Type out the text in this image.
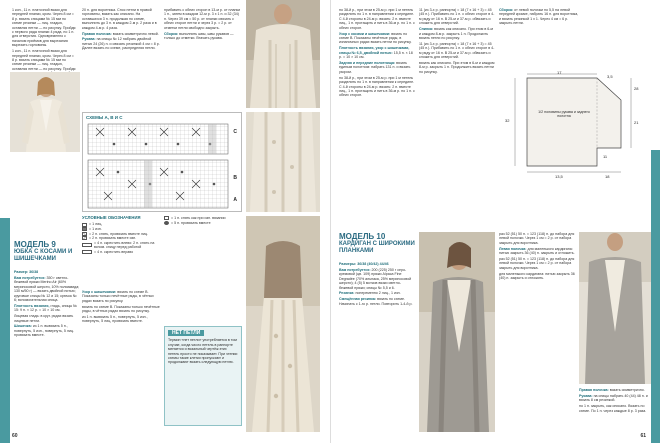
1 кон., 11 п. платочной вязки для передней планки, кром. Через 8 см = 8 р. вязать спицами № 15 мм по схеме резинки — лиц. гладью, оставляя петли — по рисунку. Пройдя с первого ряда планки 4 ряда, по 1 п. для отверстия. Одновременно с началом приёмов для вырезания вырезать горловины.

1 кон., 11 п. платочной вязки для передней планки, кром. Через 8 см = 8 р. вязать спицами № 15 мм по схеме резинки — лиц. гладью, оставляя петли — по рисунку. Пройдя

20 п. для воротника. Снос петли в правой горловины, вязать как описано. На оставшихся 3 п. продолжая по схеме, выполнить до 3 п. в каждом 2-м р. 2 раза и в каждом 4-м р. 4 раза.

Правая полочка: вязать симметрично левой.

Рукава: на спицы № 12 набрать двойной нитью 24 (26) п. и связать резинкой 4 см = 8 р. Далее вязать по схеме, распределяя петли.

прибавить с обеих сторон в 13-м р. от планки 1 п., затем в каждом 12-м р. 3 х 1 п. и 32 (34) п. Через 39 см = 50 р. от планки связать с обеих сторон петли и через 3 р. = 2 р. от отметки петли свободно закрыть.

Сборка: выполнить швы, швы рукавов — только до отметки. Втачать рукава.

СХЕМЫ А, В И С
C
B
A
УСЛОВНЫЕ ОБОЗНАЧЕНИЯ
= 1 лиц.
= 1 изн.
= 2 п. снять, провязать вместе лиц.
= 2 п. провязать вместе изн.
= 4 п. скрестить влево: 2 п. снять на вспом. спицу перед работой
= 4 п. скрестить вправо
= 1 п. снять как при изн. вязании
= 5 п. провязать вместе
МОДЕЛЬ 9
ЮБКА С КОСАМИ И ШИШЕЧКАМИ

Размер: 36/38

Вам потребуется: 350 г светло-бежевой пряжи Merino Air (60% мериносовой шерсти, 10% полиамида; 130 м/50 г) — вязать двойной нитью; круговые спицы № 12 и 15; крючок № 6; вспомогательная спица.

Плотность вязания, гладь, спицы № 15: 9 п. × 12 р. = 10 × 10 см.

Лицевая гладь: в круг. рядах вязать лицевые петли.

Шишечка: из 1 п. вывязать 5 п., повернуть, 5 изн., повернуть, 5 лиц. провязать вместе.

Узор с шишечками: вязать по схеме B. Показаны только нечётные ряды, в чётных рядах вязать по рисунку.

вязать по схеме B. Показаны только нечётные ряды, в чётных рядах вязать по рисунку.

из 1 п. вывязать 5 п., повернуть, 5 изн., повернуть, 5 лиц. провязать вместе.

НЕТ ПЕТЛИ
Термин «нет петли» употребляется в том случае, когда число петель в раппорте меняется и вязальный чертёж этих петель просто не показывает. При чтении схемы такие клетки пропускают и продолжают вязать следующую петлю.
60

по 38-й р., при этом в 25-м р. при 1 м петель разделить по 1 п. в направлении к середине. С 4-й стороны в 24-м р. вязать: 2 п. вместе лиц., 1 п. протащить и нить в 36-м р. по 1 п. с обеих сторон.

Узор с косами и шишечками: вязать по схеме В. Показаны нечётные ряды, в изнаночных рядах вязать петли по рисунку.

Плотность вязания, узор с шишечками, спицы № 6,5, двойной нитью: 15,5 п. × 18 р. = 10 × 10 см.

Задняя и передние полотнища: вязать единым полотном: набрать 131 п. и вязать узором.

по 38-й р., при этом в 25-м р. при 1 м петель разделить по 1 п. в направлении к середине. С 4-й стороны в 24-м р. вязать: 2 п. вместе лиц., 1 п. протащить и нить в 36-м р. по 1 п. с обеих сторон.

11 (из 3-х р. раппорта) = 18 (7 х 16 + 3) = 45 (45 п.). Прибавить по 1 п. с обеих сторон в 4-м ряду от 16 п. В 25-м и 37-м р. обвязать и сложить для отверстий.

Спинка: вязать как описано. При этом в 6-м и каждом 8-м р. закрыть 1 п. Продолжить вязать петли по рисунку.

11 (из 3-х р. раппорта) = 18 (7 х 16 + 3) = 45 (45 п.). Прибавить по 1 п. с обеих сторон в 4-м ряду от 16 п. В 25-м и 37-м р. обвязать и сложить для отверстий.

вязать как описано. При этом в 6-м и каждом 8-м р. закрыть 1 п. Продолжить вязать петли по рисунку.

Сборка: от левой полочки по 5,5 на левой передней кромке, набрать 16 п. для воротника, и вязать резинкой 1 х 1. Через 4 см = 6 р. закрыть петли.

17
32
28
21
13,5	18
11
3,5
1/2 половины рукава и заднего полотна
МОДЕЛЬ 10
КАРДИГАН С ШИРОКИМИ ПЛАНКАМИ

Размеры: 36/38 (40/42) 44/46

Вам потребуется: 200 (225) 250 г серо-кремовой (цв. 109) пряжи Alpaca Fine Degradée (70% альпака, 25% мериносовой шерсти); 4 (5) 5 мотков вязки светло-бежевой пряжи; спицы № 5,5 и 6.

Резинка: попеременно 2 лиц., 1 изн.

Смещённая резинка: вязать по схеме. Начинать с 1-го р. петли. Повторить 1-4-й р.

раз 52 (51) 50 п. = 123 (118) п. до набора для левой полочки. Через 1 см = 2 р. от набора закрыть для воротника.

Левая полочка: для маленького кардигана: нитью закрыть 36 (40) п. закрыть и отложить.

раз 52 (51) 50 п. = 123 (118) п. до набора для левой полочки. Через 1 см = 2 р. от набора закрыть для воротника.

для маленького кардигана: нитью закрыть 36 (40) п. закрыть и отложить.

Правая полочка: вязать симметрично.

Рукава: на спицы набрать 40 (44) 48 п. и вязать 8 см резинкой.

по 1 п. закрыть, как описано. Вязать по схеме. По 1 п. через каждые 8 р. 3 раза.

61
